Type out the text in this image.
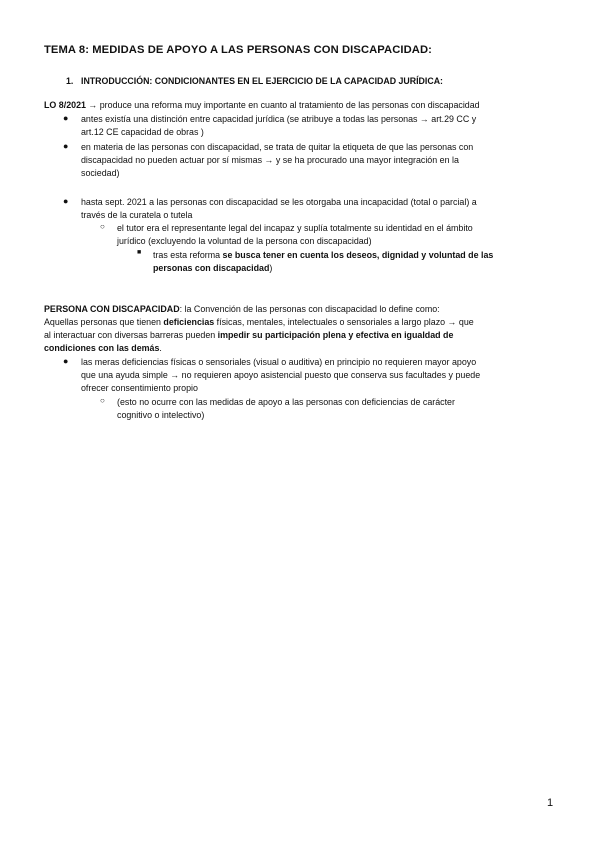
TEMA 8: MEDIDAS DE APOYO A LAS PERSONAS CON DISCAPACIDAD:
1. INTRODUCCIÓN: CONDICIONANTES EN EL EJERCICIO DE LA CAPACIDAD JURÍDICA:
LO 8/2021 → produce una reforma muy importante en cuanto al tratamiento de las personas con discapacidad
● antes existía una distinción entre capacidad jurídica (se atribuye a todas las personas → art.29 CC y
art.12 CE capacidad de obras )
● en materia de las personas con discapacidad, se trata de quitar la etiqueta de que las personas con
discapacidad no pueden actuar por sí mismas → y se ha procurado una mayor integración en la
sociedad)
● hasta sept. 2021 a las personas con discapacidad se les otorgaba una incapacidad (total o parcial) a
través de la curatela o tutela
○ el tutor era el representante legal del incapaz y suplía totalmente su identidad en el ámbito
jurídico (excluyendo la voluntad de la persona con discapacidad)
■ tras esta reforma se busca tener en cuenta los deseos, dignidad y voluntad de las
personas con discapacidad)
PERSONA CON DISCAPACIDAD: la Convención de las personas con discapacidad lo define como:
Aquellas personas que tienen deficiencias físicas, mentales, intelectuales o sensoriales a largo plazo → que
al interactuar con diversas barreras pueden impedir su participación plena y efectiva en igualdad de
condiciones con las demás.
● las meras deficiencias físicas o sensoriales (visual o auditiva) en principio no requieren mayor apoyo
que una ayuda simple → no requieren apoyo asistencial puesto que conserva sus facultades y puede
ofrecer consentimiento propio
○ (esto no ocurre con las medidas de apoyo a las personas con deficiencias de carácter
cognitivo o intelectivo)
1
